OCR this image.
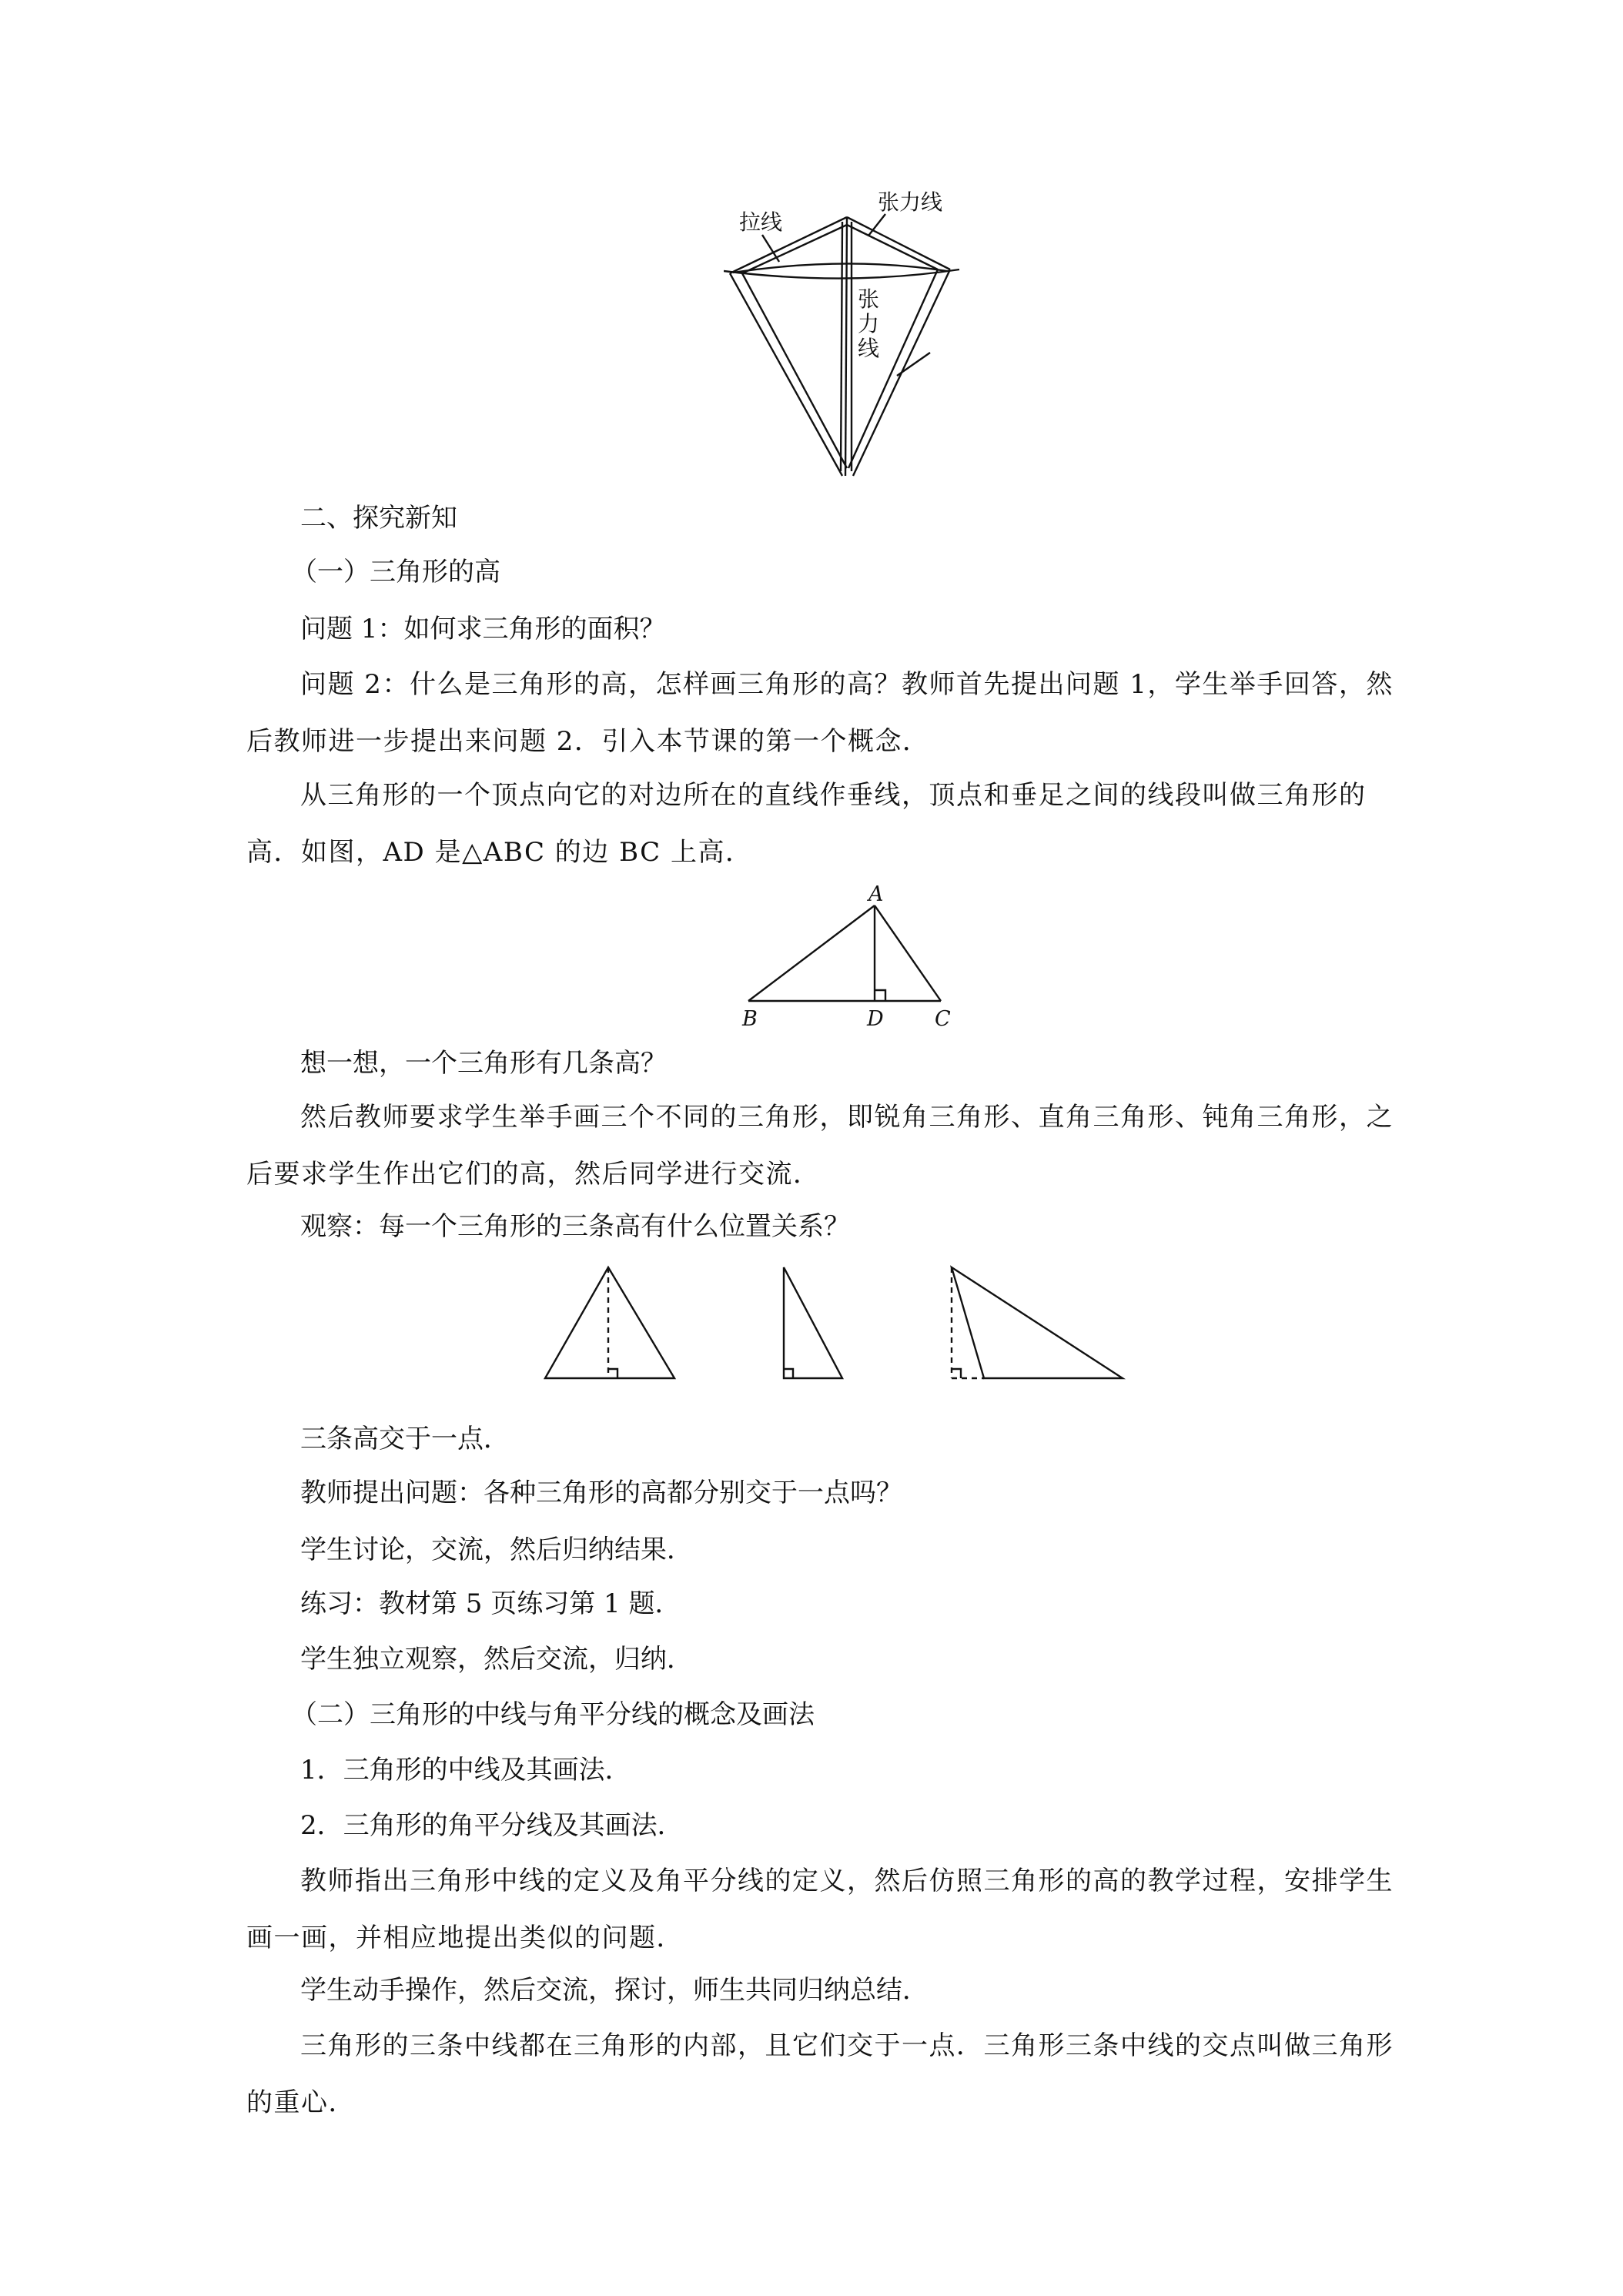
拉线
张力线
张
力
线
二、探究新知
（一）三角形的高
问题 1：如何求三角形的面积？
问题 2：什么是三角形的高，怎样画三角形的高？教师首先提出问题 1，学生举手回答，然后教师进一步提出来问题 2．引入本节课的第一个概念．
从三角形的一个顶点向它的对边所在的直线作垂线，顶点和垂足之间的线段叫做三角形的高．如图，AD 是△ABC 的边 BC 上高．
A
B	D C
想一想，一个三角形有几条高？
然后教师要求学生举手画三个不同的三角形，即锐角三角形、直角三角形、钝角三角形，之后要求学生作出它们的高，然后同学进行交流．
观察：每一个三角形的三条高有什么位置关系？
三条高交于一点．
教师提出问题：各种三角形的高都分别交于一点吗？
学生讨论，交流，然后归纳结果．
练习：教材第 5 页练习第 1 题．
学生独立观察，然后交流，归纳．
（二）三角形的中线与角平分线的概念及画法
1．三角形的中线及其画法．
2．三角形的角平分线及其画法．
教师指出三角形中线的定义及角平分线的定义，然后仿照三角形的高的教学过程，安排学生画一画，并相应地提出类似的问题．
学生动手操作，然后交流，探讨，师生共同归纳总结．
三角形的三条中线都在三角形的内部，且它们交于一点．三角形三条中线的交点叫做三角形的重心．
